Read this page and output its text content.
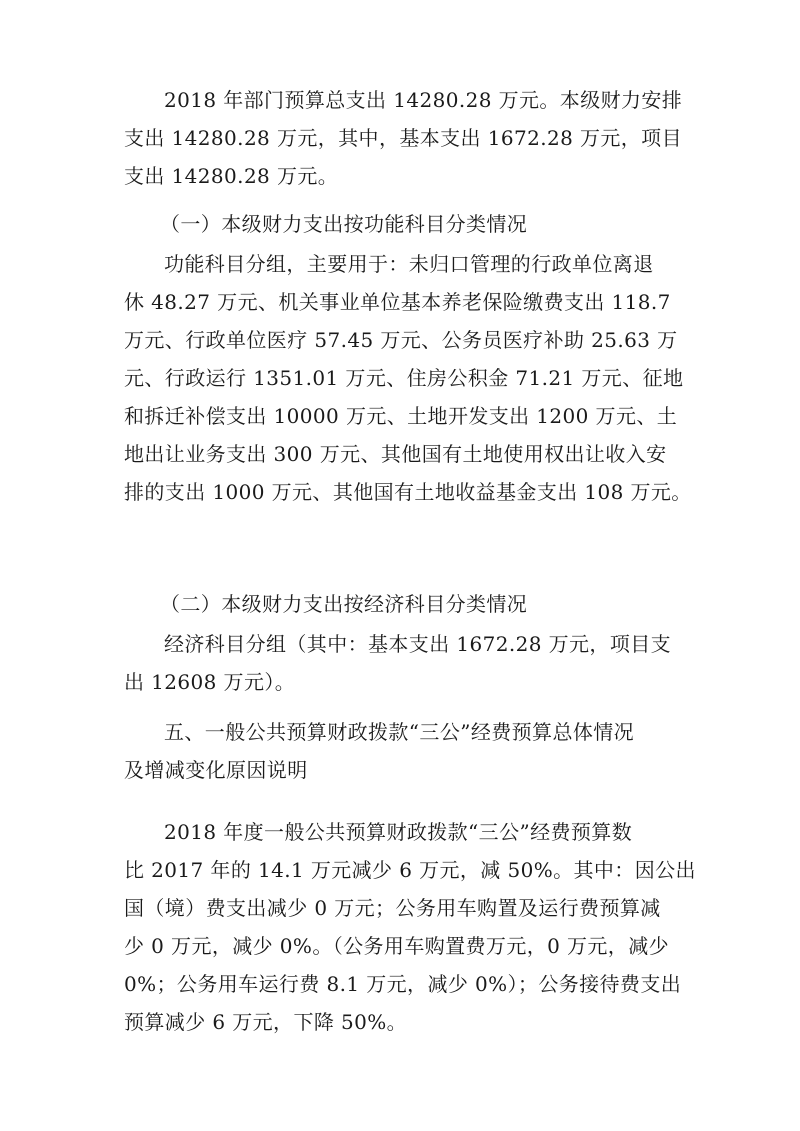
2018 年部门预算总支出 14280.28 万元。本级财力安排
支出 14280.28 万元，其中，基本支出 1672.28 万元，项目
支出 14280.28 万元。
（一）本级财力支出按功能科目分类情况
功能科目分组，主要用于：未归口管理的行政单位离退
休 48.27 万元、机关事业单位基本养老保险缴费支出 118.7
万元、行政单位医疗 57.45 万元、公务员医疗补助 25.63 万
元、行政运行 1351.01 万元、住房公积金 71.21 万元、征地
和拆迁补偿支出 10000 万元、土地开发支出 1200 万元、土
地出让业务支出 300 万元、其他国有土地使用权出让收入安
排的支出 1000 万元、其他国有土地收益基金支出 108 万元。
（二）本级财力支出按经济科目分类情况
经济科目分组（其中：基本支出 1672.28 万元，项目支
出 12608 万元）。
五、一般公共预算财政拨款“三公”经费预算总体情况
及增减变化原因说明
2018 年度一般公共预算财政拨款“三公”经费预算数
比 2017 年的 14.1 万元减少 6 万元，减 50%。其中：因公出
国（境）费支出减少 0 万元；公务用车购置及运行费预算减
少 0 万元，减少 0%。（公务用车购置费万元，0 万元，减少
0%；公务用车运行费 8.1 万元，减少 0%）；公务接待费支出
预算减少 6 万元，下降 50%。
